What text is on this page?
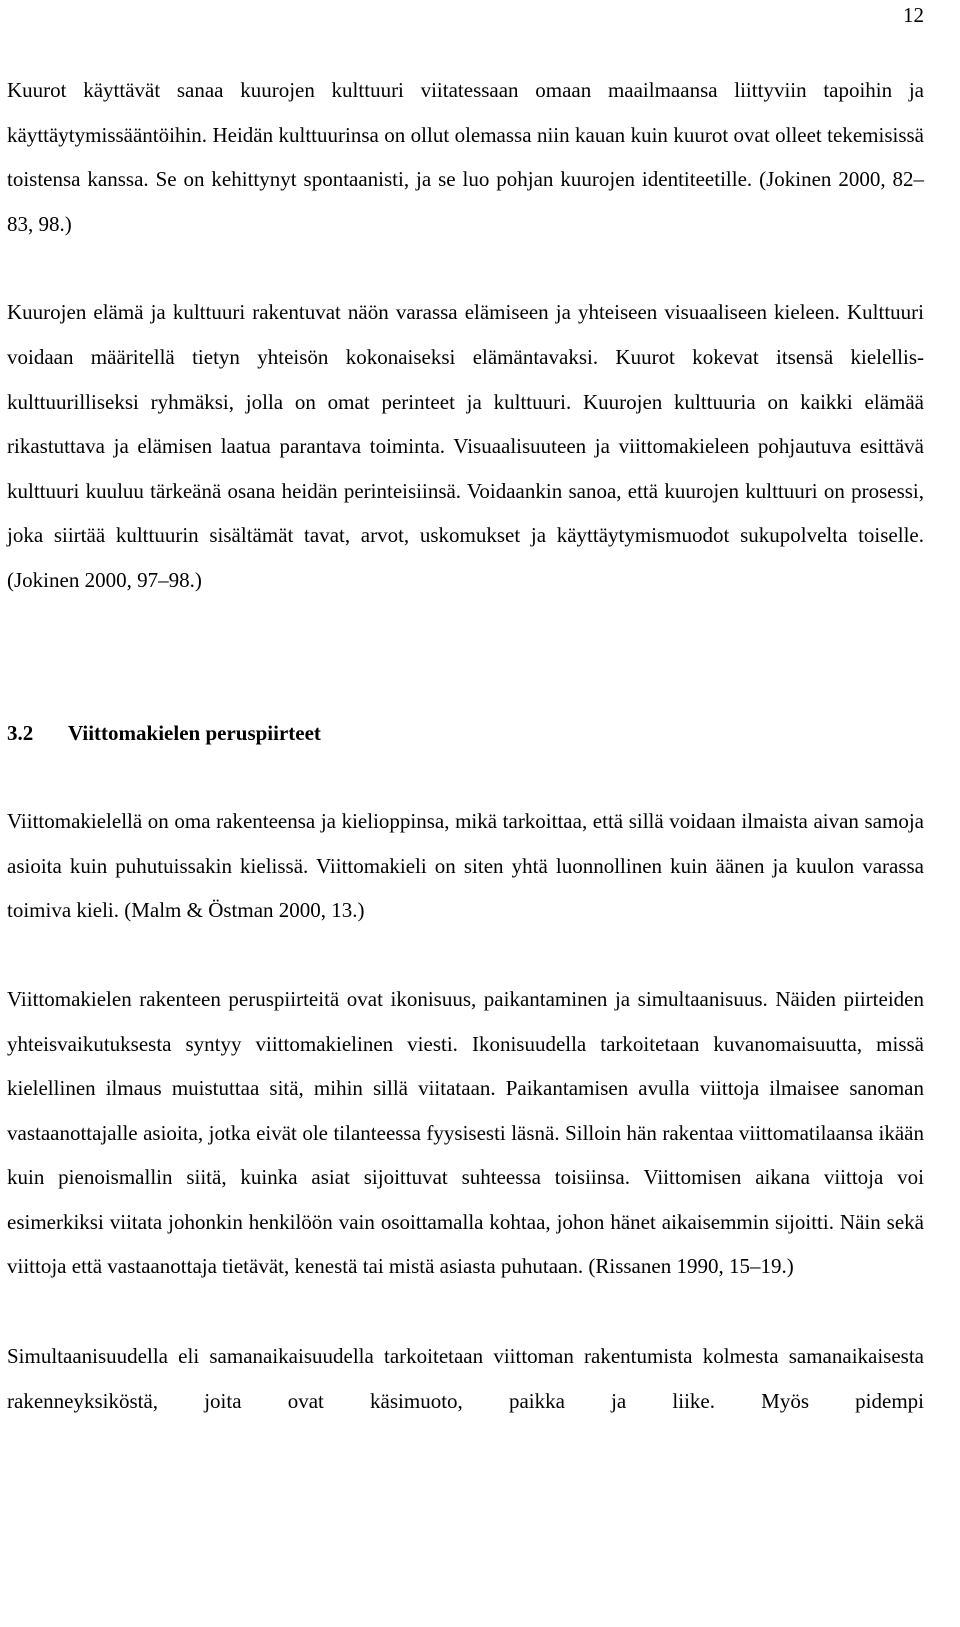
12

Kuurot käyttävät sanaa kuurojen kulttuuri viitatessaan omaan maailmaansa liittyviin tapoihin ja käyttäytymissääntöihin. Heidän kulttuurinsa on ollut olemassa niin kauan kuin kuurot ovat olleet tekemisissä toistensa kanssa. Se on kehittynyt spontaanisti, ja se luo pohjan kuurojen identiteetille. (Jokinen 2000, 82–83, 98.)

Kuurojen elämä ja kulttuuri rakentuvat näön varassa elämiseen ja yhteiseen visuaaliseen kieleen. Kulttuuri voidaan määritellä tietyn yhteisön kokonaiseksi elämäntavaksi. Kuurot kokevat itsensä kielellis-kulttuurilliseksi ryhmäksi, jolla on omat perinteet ja kulttuuri. Kuurojen kulttuuria on kaikki elämää rikastuttava ja elämisen laatua parantava toiminta. Visuaalisuuteen ja viittomakieleen pohjautuva esittävä kulttuuri kuuluu tärkeänä osana heidän perinteisiinsä. Voidaankin sanoa, että kuurojen kulttuuri on prosessi, joka siirtää kulttuurin sisältämät tavat, arvot, uskomukset ja käyttäytymismuodot sukupolvelta toiselle. (Jokinen 2000, 97–98.)

3.2	Viittomakielen peruspiirteet

Viittomakielellä on oma rakenteensa ja kielioppinsa, mikä tarkoittaa, että sillä voidaan ilmaista aivan samoja asioita kuin puhutuissakin kielissä. Viittomakieli on siten yhtä luonnollinen kuin äänen ja kuulon varassa toimiva kieli. (Malm & Östman 2000, 13.)

Viittomakielen rakenteen peruspiirteitä ovat ikonisuus, paikantaminen ja simultaanisuus. Näiden piirteiden yhteisvaikutuksesta syntyy viittomakielinen viesti. Ikonisuudella tarkoitetaan kuvanomaisuutta, missä kielellinen ilmaus muistuttaa sitä, mihin sillä viitataan. Paikantamisen avulla viittoja ilmaisee sanoman vastaanottajalle asioita, jotka eivät ole tilanteessa fyysisesti läsnä. Silloin hän rakentaa viittomatilaansa ikään kuin pienoismallin siitä, kuinka asiat sijoittuvat suhteessa toisiinsa. Viittomisen aikana viittoja voi esimerkiksi viitata johonkin henkilöön vain osoittamalla kohtaa, johon hänet aikaisemmin sijoitti. Näin sekä viittoja että vastaanottaja tietävät, kenestä tai mistä asiasta puhutaan. (Rissanen 1990, 15–19.)

Simultaanisuudella eli samanaikaisuudella tarkoitetaan viittoman rakentumista kolmesta samanaikaisesta rakenneyksiköstä, joita ovat käsimuoto, paikka ja liike. Myös pidempi
